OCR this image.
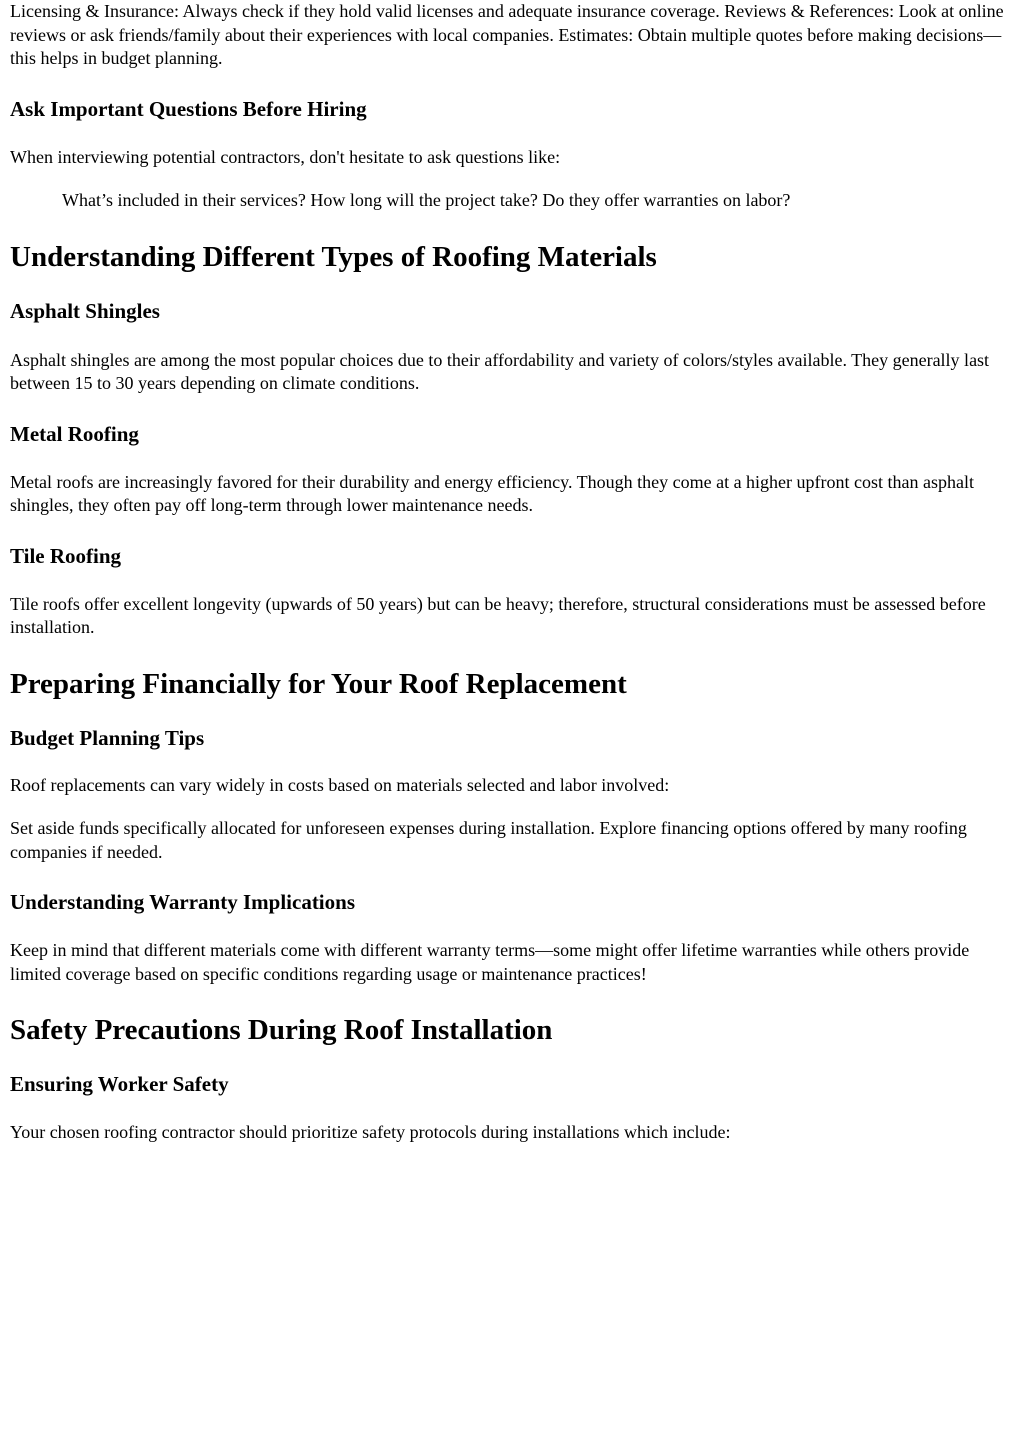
Licensing & Insurance: Always check if they hold valid licenses and adequate insurance coverage. Reviews & References: Look at online reviews or ask friends/family about their experiences with local companies. Estimates: Obtain multiple quotes before making decisions—this helps in budget planning.

Ask Important Questions Before Hiring

When interviewing potential contractors, don't hesitate to ask questions like:

What’s included in their services? How long will the project take? Do they offer warranties on labor?
Understanding Different Types of Roofing Materials
Asphalt Shingles

Asphalt shingles are among the most popular choices due to their affordability and variety of colors/styles available. They generally last between 15 to 30 years depending on climate conditions.

Metal Roofing

Metal roofs are increasingly favored for their durability and energy efficiency. Though they come at a higher upfront cost than asphalt shingles, they often pay off long-term through lower maintenance needs.

Tile Roofing

Tile roofs offer excellent longevity (upwards of 50 years) but can be heavy; therefore, structural considerations must be assessed before installation.

Preparing Financially for Your Roof Replacement
Budget Planning Tips

Roof replacements can vary widely in costs based on materials selected and labor involved:

Set aside funds specifically allocated for unforeseen expenses during installation. Explore financing options offered by many roofing companies if needed.

Understanding Warranty Implications

Keep in mind that different materials come with different warranty terms—some might offer lifetime warranties while others provide limited coverage based on specific conditions regarding usage or maintenance practices!

Safety Precautions During Roof Installation
Ensuring Worker Safety

Your chosen roofing contractor should prioritize safety protocols during installations which include:
